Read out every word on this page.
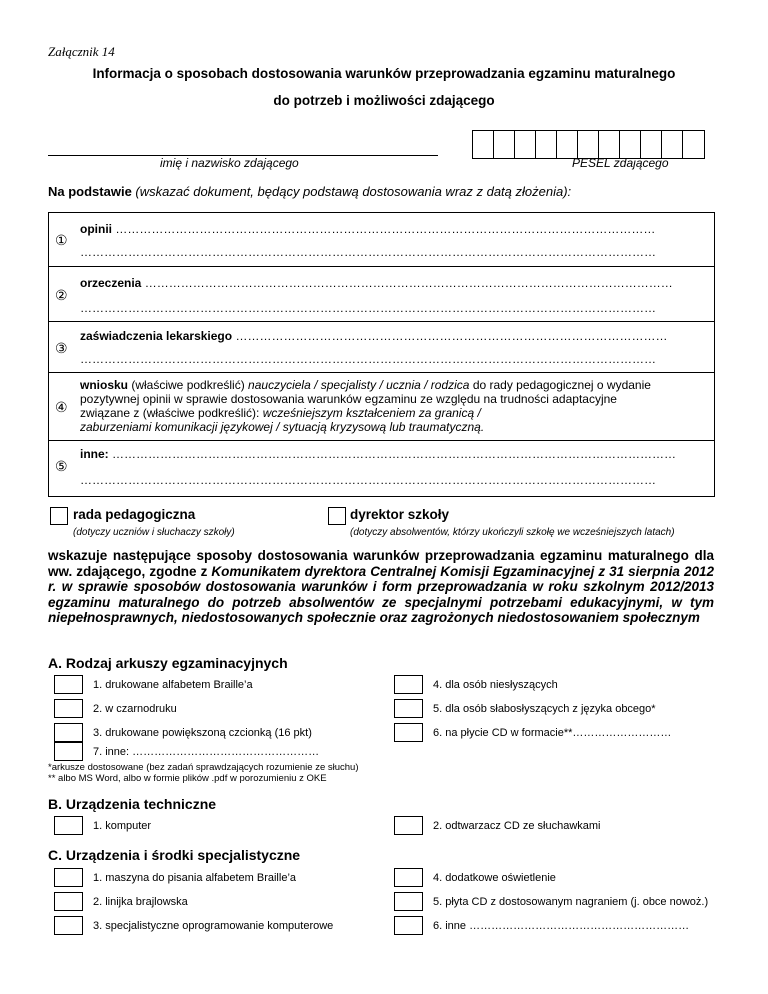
Załącznik 14
Informacja o sposobach dostosowania warunków przeprowadzania egzaminu maturalnego
do potrzeb i możliwości zdającego
imię i nazwisko zdającego	PESEL zdającego
Na podstawie (wskazać dokument, będący podstawą dostosowania wraz z datą złożenia):
①
opinii ………………………………………………………………………………………………………………………
………………………………………………………………………………………………………………………………
②
orzeczenia ……………………………………………………………………………………………………………………
………………………………………………………………………………………………………………………………
③
zaświadczenia lekarskiego ………………………………………………………………………………………………
………………………………………………………………………………………………………………………………
④
wniosku (właściwe podkreślić) nauczyciela / specjalisty / ucznia / rodzica do rady pedagogicznej o wydanie
pozytywnej opinii w sprawie dostosowania warunków egzaminu ze względu na trudności adaptacyjne
związane z (właściwe podkreślić): wcześniejszym kształceniem za granicą /
zaburzeniami komunikacji językowej / sytuacją kryzysową lub traumatyczną.
⑤
inne: ……………………………………………………………………………………………………………………………
………………………………………………………………………………………………………………………………
rada pedagogiczna
(dotyczy uczniów i słuchaczy szkoły)
dyrektor szkoły
(dotyczy absolwentów, którzy ukończyli szkołę we wcześniejszych latach)
wskazuje następujące sposoby dostosowania warunków przeprowadzania egzaminu maturalnego dla ww. zdającego, zgodne z Komunikatem dyrektora Centralnej Komisji Egzaminacyjnej z 31 sierpnia 2012 r. w sprawie sposobów dostosowania warunków i form przeprowadzania w roku szkolnym 2012/2013 egzaminu maturalnego do potrzeb absolwentów ze specjalnymi potrzebami edukacyjnymi, w tym niepełnosprawnych, niedostosowanych społecznie oraz zagrożonych niedostosowaniem społecznym
A. Rodzaj arkuszy egzaminacyjnych
1. drukowane alfabetem Braille’a
2. w czarnodruku
3. drukowane powiększoną czcionką (16 pkt)
7. inne: ……………………………………………
4. dla osób niesłyszących
5. dla osób słabosłyszących z języka obcego*
6. na płycie CD w formacie**………………………
*arkusze dostosowane (bez zadań sprawdzających rozumienie ze słuchu)
** albo MS Word, albo w formie plików .pdf w porozumieniu z OKE
B. Urządzenia techniczne
1. komputer	2. odtwarzacz CD ze słuchawkami
C. Urządzenia i środki specjalistyczne
1. maszyna do pisania alfabetem Braille’a
2. linijka brajlowska
3. specjalistyczne oprogramowanie komputerowe
4. dodatkowe oświetlenie
5. płyta CD z dostosowanym nagraniem (j. obce nowoż.)
6. inne ……………………………………………………
